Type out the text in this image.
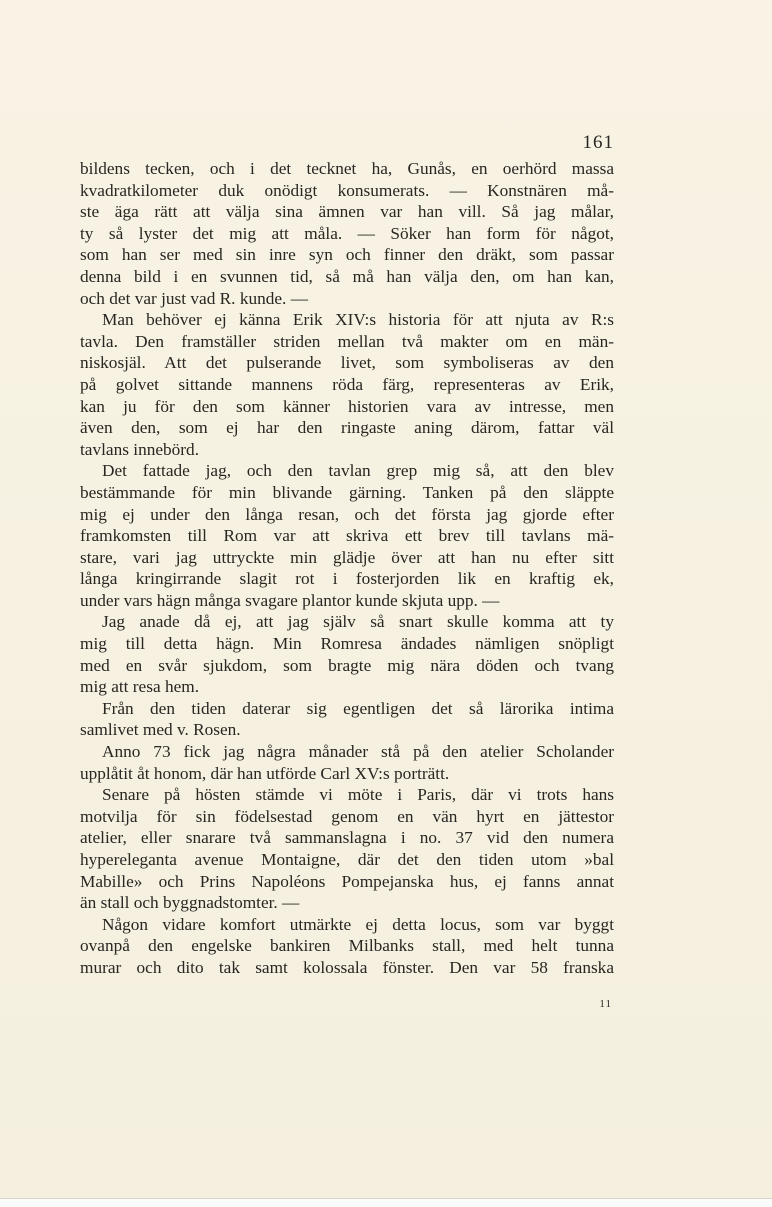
161
bildens tecken, och i det tecknet ha, Gunås, en oerhörd massa
kvadratkilometer duk onödigt konsumerats. — Konstnären må-
ste äga rätt att välja sina ämnen var han vill. Så jag målar,
ty så lyster det mig att måla. — Söker han form för något,
som han ser med sin inre syn och finner den dräkt, som passar
denna bild i en svunnen tid, så må han välja den, om han kan,
och det var just vad R. kunde. —
Man behöver ej känna Erik XIV:s historia för att njuta av R:s
tavla. Den framställer striden mellan två makter om en män-
niskosjäl. Att det pulserande livet, som symboliseras av den
på golvet sittande mannens röda färg, representeras av Erik,
kan ju för den som känner historien vara av intresse, men
även den, som ej har den ringaste aning därom, fattar väl
tavlans innebörd.
Det fattade jag, och den tavlan grep mig så, att den blev
bestämmande för min blivande gärning. Tanken på den släppte
mig ej under den långa resan, och det första jag gjorde efter
framkomsten till Rom var att skriva ett brev till tavlans mä-
stare, vari jag uttryckte min glädje över att han nu efter sitt
långa kringirrande slagit rot i fosterjorden lik en kraftig ek,
under vars hägn många svagare plantor kunde skjuta upp. —
Jag anade då ej, att jag själv så snart skulle komma att ty
mig till detta hägn. Min Romresa ändades nämligen snöpligt
med en svår sjukdom, som bragte mig nära döden och tvang
mig att resa hem.
Från den tiden daterar sig egentligen det så lärorika intima
samlivet med v. Rosen.
Anno 73 fick jag några månader stå på den atelier Scholander
upplåtit åt honom, där han utförde Carl XV:s porträtt.
Senare på hösten stämde vi möte i Paris, där vi trots hans
motvilja för sin födelsestad genom en vän hyrt en jättestor
atelier, eller snarare två sammanslagna i no. 37 vid den numera
hyperelegantа avenue Montaigne, där det den tiden utom »bal
Mabille» och Prins Napoléons Pompejanska hus, ej fanns annat
än stall och byggnadstomter. —
Någon vidare komfort utmärkte ej detta locus, som var byggt
ovanpå den engelske bankiren Milbanks stall, med helt tunna
murar och dito tak samt kolossala fönster. Den var 58 franska
11
